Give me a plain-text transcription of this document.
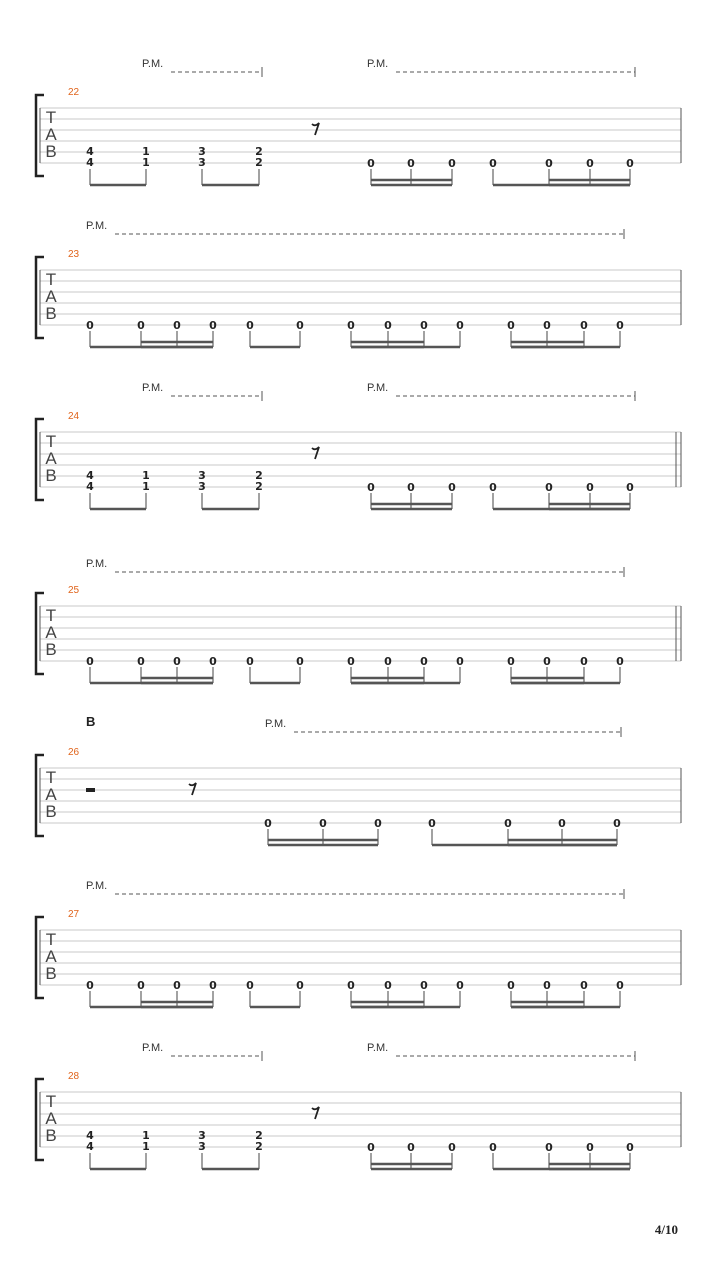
T
A
B
22
P.M.	P.M.
4
4
1
1
3
3
2
2	0	0	0	0	0	0	0
𝄾
T
A
B
23
P.M.
0	0	0	0	0	0	0	0	0	0	0	0	0	0
T
A
B
24
P.M.	P.M.
4
4
1
1
3
3
2
2	0	0	0	0	0	0	0
𝄾
T
A
B
25
P.M.
0	0	0	0	0	0	0	0	0	0	0	0	0	0
T
A
B
26
B	P.M.
0	0	0	0	0	0	0
𝄾
T
A
B
27
P.M.
0	0	0	0	0	0	0	0	0	0	0	0	0	0
T
A
B
28
P.M.	P.M.
4
4
1
1
3
3
2
2	0	0	0	0	0	0	0
𝄾
4/10
